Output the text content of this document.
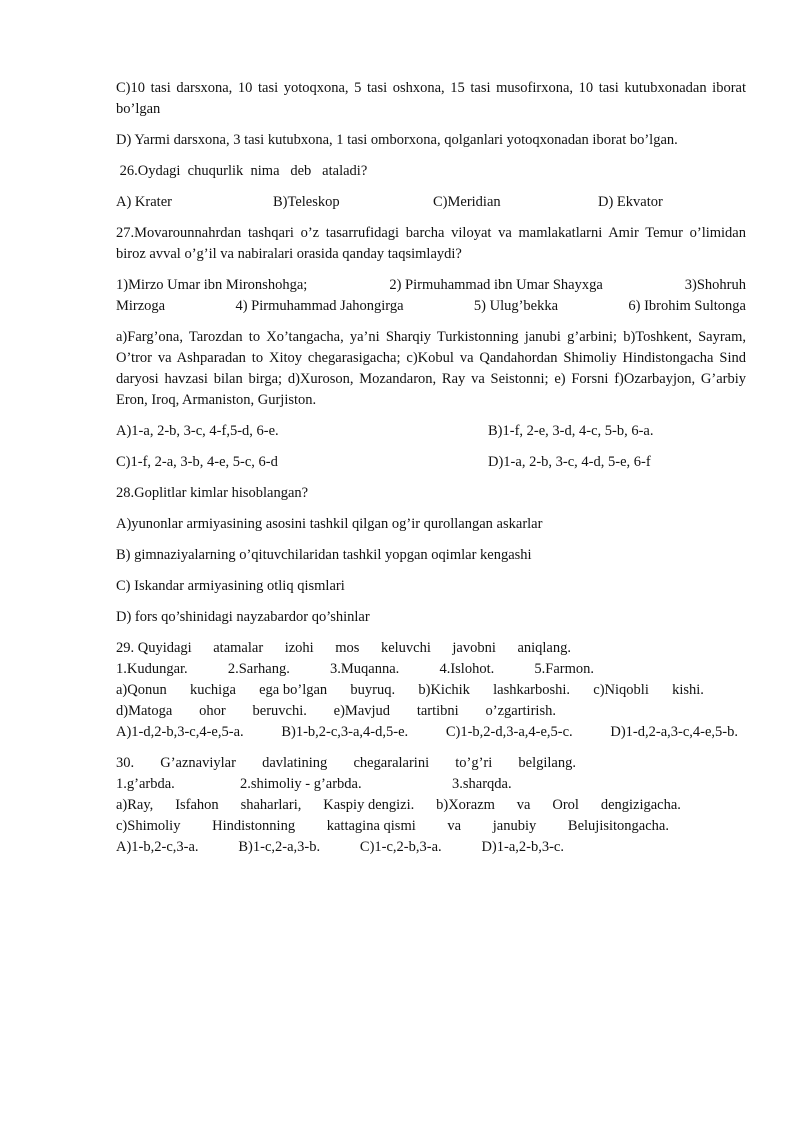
C)10 tasi darsxona, 10 tasi yotoqxona, 5 tasi oshxona, 15 tasi musofirxona, 10 tasi kutubxonadan iborat bo’lgan

D) Yarmi darsxona, 3 tasi kutubxona, 1 tasi omborxona, qolganlari yotoqxonadan iborat bo’lgan.

26.Oydagi  chuqurlik  nima   deb   ataladi?

A) Krater	B)Teleskop	C)Meridian	D) Ekvator

27.Movarounnahrdan tashqari o’z tasarrufidagi barcha viloyat va mamlakatlarni Amir Temur o’limidan biroz avval o’g’il va nabiralari orasida qanday taqsimlaydi?

1)Mirzo Umar ibn Mironshohga;	2) Pirmuhammad ibn Umar Shayxga	3)Shohruh
Mirzoga	4) Pirmuhammad Jahongirga	5) Ulug’bekka	6) Ibrohim Sultonga

a)Farg’ona, Tarozdan to Xo’tangacha, ya’ni Sharqiy Turkistonning janubi g’arbini; b)Toshkent, Sayram, O’tror va Ashparadan to Xitoy chegarasigacha; c)Kobul va Qandahordan Shimoliy Hindistongacha Sind daryosi havzasi bilan birga; d)Xuroson, Mozandaron, Ray va Seistonni; e) Forsni f)Ozarbayjon, G’arbiy Eron, Iroq, Armaniston, Gurjiston.

A)1-a, 2-b, 3-c, 4-f,5-d, 6-e.	B)1-f, 2-e, 3-d, 4-c, 5-b, 6-a.
C)1-f, 2-a, 3-b, 4-e, 5-c, 6-d	D)1-a, 2-b, 3-c, 4-d, 5-e, 6-f

28.Goplitlar kimlar hisoblangan?

A)yunonlar armiyasining asosini tashkil qilgan og’ir qurollangan askarlar

B) gimnaziyalarning o’qituvchilaridan tashkil yopgan oqimlar kengashi

C) Iskandar armiyasining otliq qismlari

D) fors qo’shinidagi nayzabardor qo’shinlar

29. Quyidagi atamalar izohi mos keluvchi javobni aniqlang.
1.Kudungar.	2.Sarhang.	3.Muqanna.	4.Islohot.	5.Farmon.
a)Qonun kuchiga ega bo’lgan buyruq. b)Kichik lashkarboshi. c)Niqobli kishi.
d)Matoga ohor beruvchi. e)Mavjud tartibni o’zgartirish.
A)1-d,2-b,3-c,4-e,5-a.	B)1-b,2-c,3-a,4-d,5-e.	C)1-b,2-d,3-a,4-e,5-c.	D)1-d,2-a,3-c,4-e,5-b.
30. G’aznaviylar davlatining chegaralarini to’g’ri belgilang.
1.g’arbda.	2.shimoliy - g’arbda.	3.sharqda.
a)Ray, Isfahon shaharlari, Kaspiy dengizi. b)Xorazm va Orol dengizigacha.
c)Shimoliy Hindistonning kattagina qismi va janubiy Belujisitongacha.
A)1-b,2-c,3-a.	B)1-c,2-a,3-b.	C)1-c,2-b,3-a.	D)1-a,2-b,3-c.
